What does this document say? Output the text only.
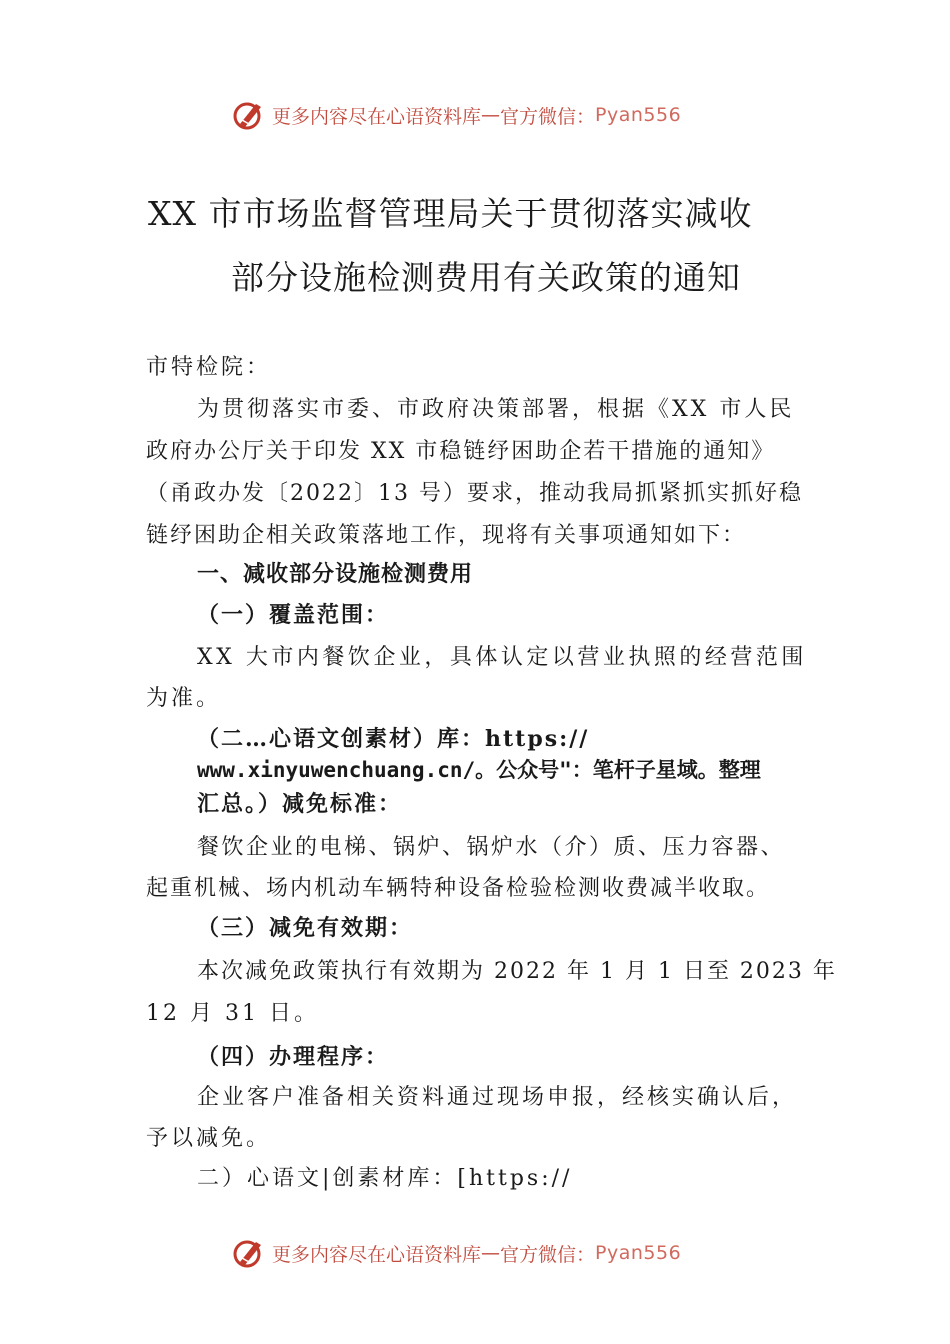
更多内容尽在心语资料库 — 官方微信： Pyan556
XX 市市场监督管理局关于贯彻落实减收
部分设施检测费用有关政策的通知
市特检院：
为贯彻落实市委、市政府决策部署，根据《XX 市人民
政府办公厅关于印发 XX 市稳链纾困助企若干措施的通知》
（甬政办发〔2022〕13 号）要求，推动我局抓紧抓实抓好稳
链纾困助企相关政策落地工作，现将有关事项通知如下：
一、减收部分设施检测费用
（一）覆盖范围：
XX 大市内餐饮企业，具体认定以营业执照的经营范围
为准。
（二…心语文创素材）库：https://
www.xinyuwenchuang.cn/。公众号"：笔杆子星域。整理
汇总。）减免标准：
餐饮企业的电梯、锅炉、锅炉水（介）质、压力容器、
起重机械、场内机动车辆特种设备检验检测收费减半收取。
（三）减免有效期：
本次减免政策执行有效期为 2022 年 1 月 1 日至 2023 年
12 月 31 日。
（四）办理程序：
企业客户准备相关资料通过现场申报，经核实确认后，
予以减免。
二）心语文|创素材库：[https://
更多内容尽在心语资料库 — 官方微信： Pyan556
